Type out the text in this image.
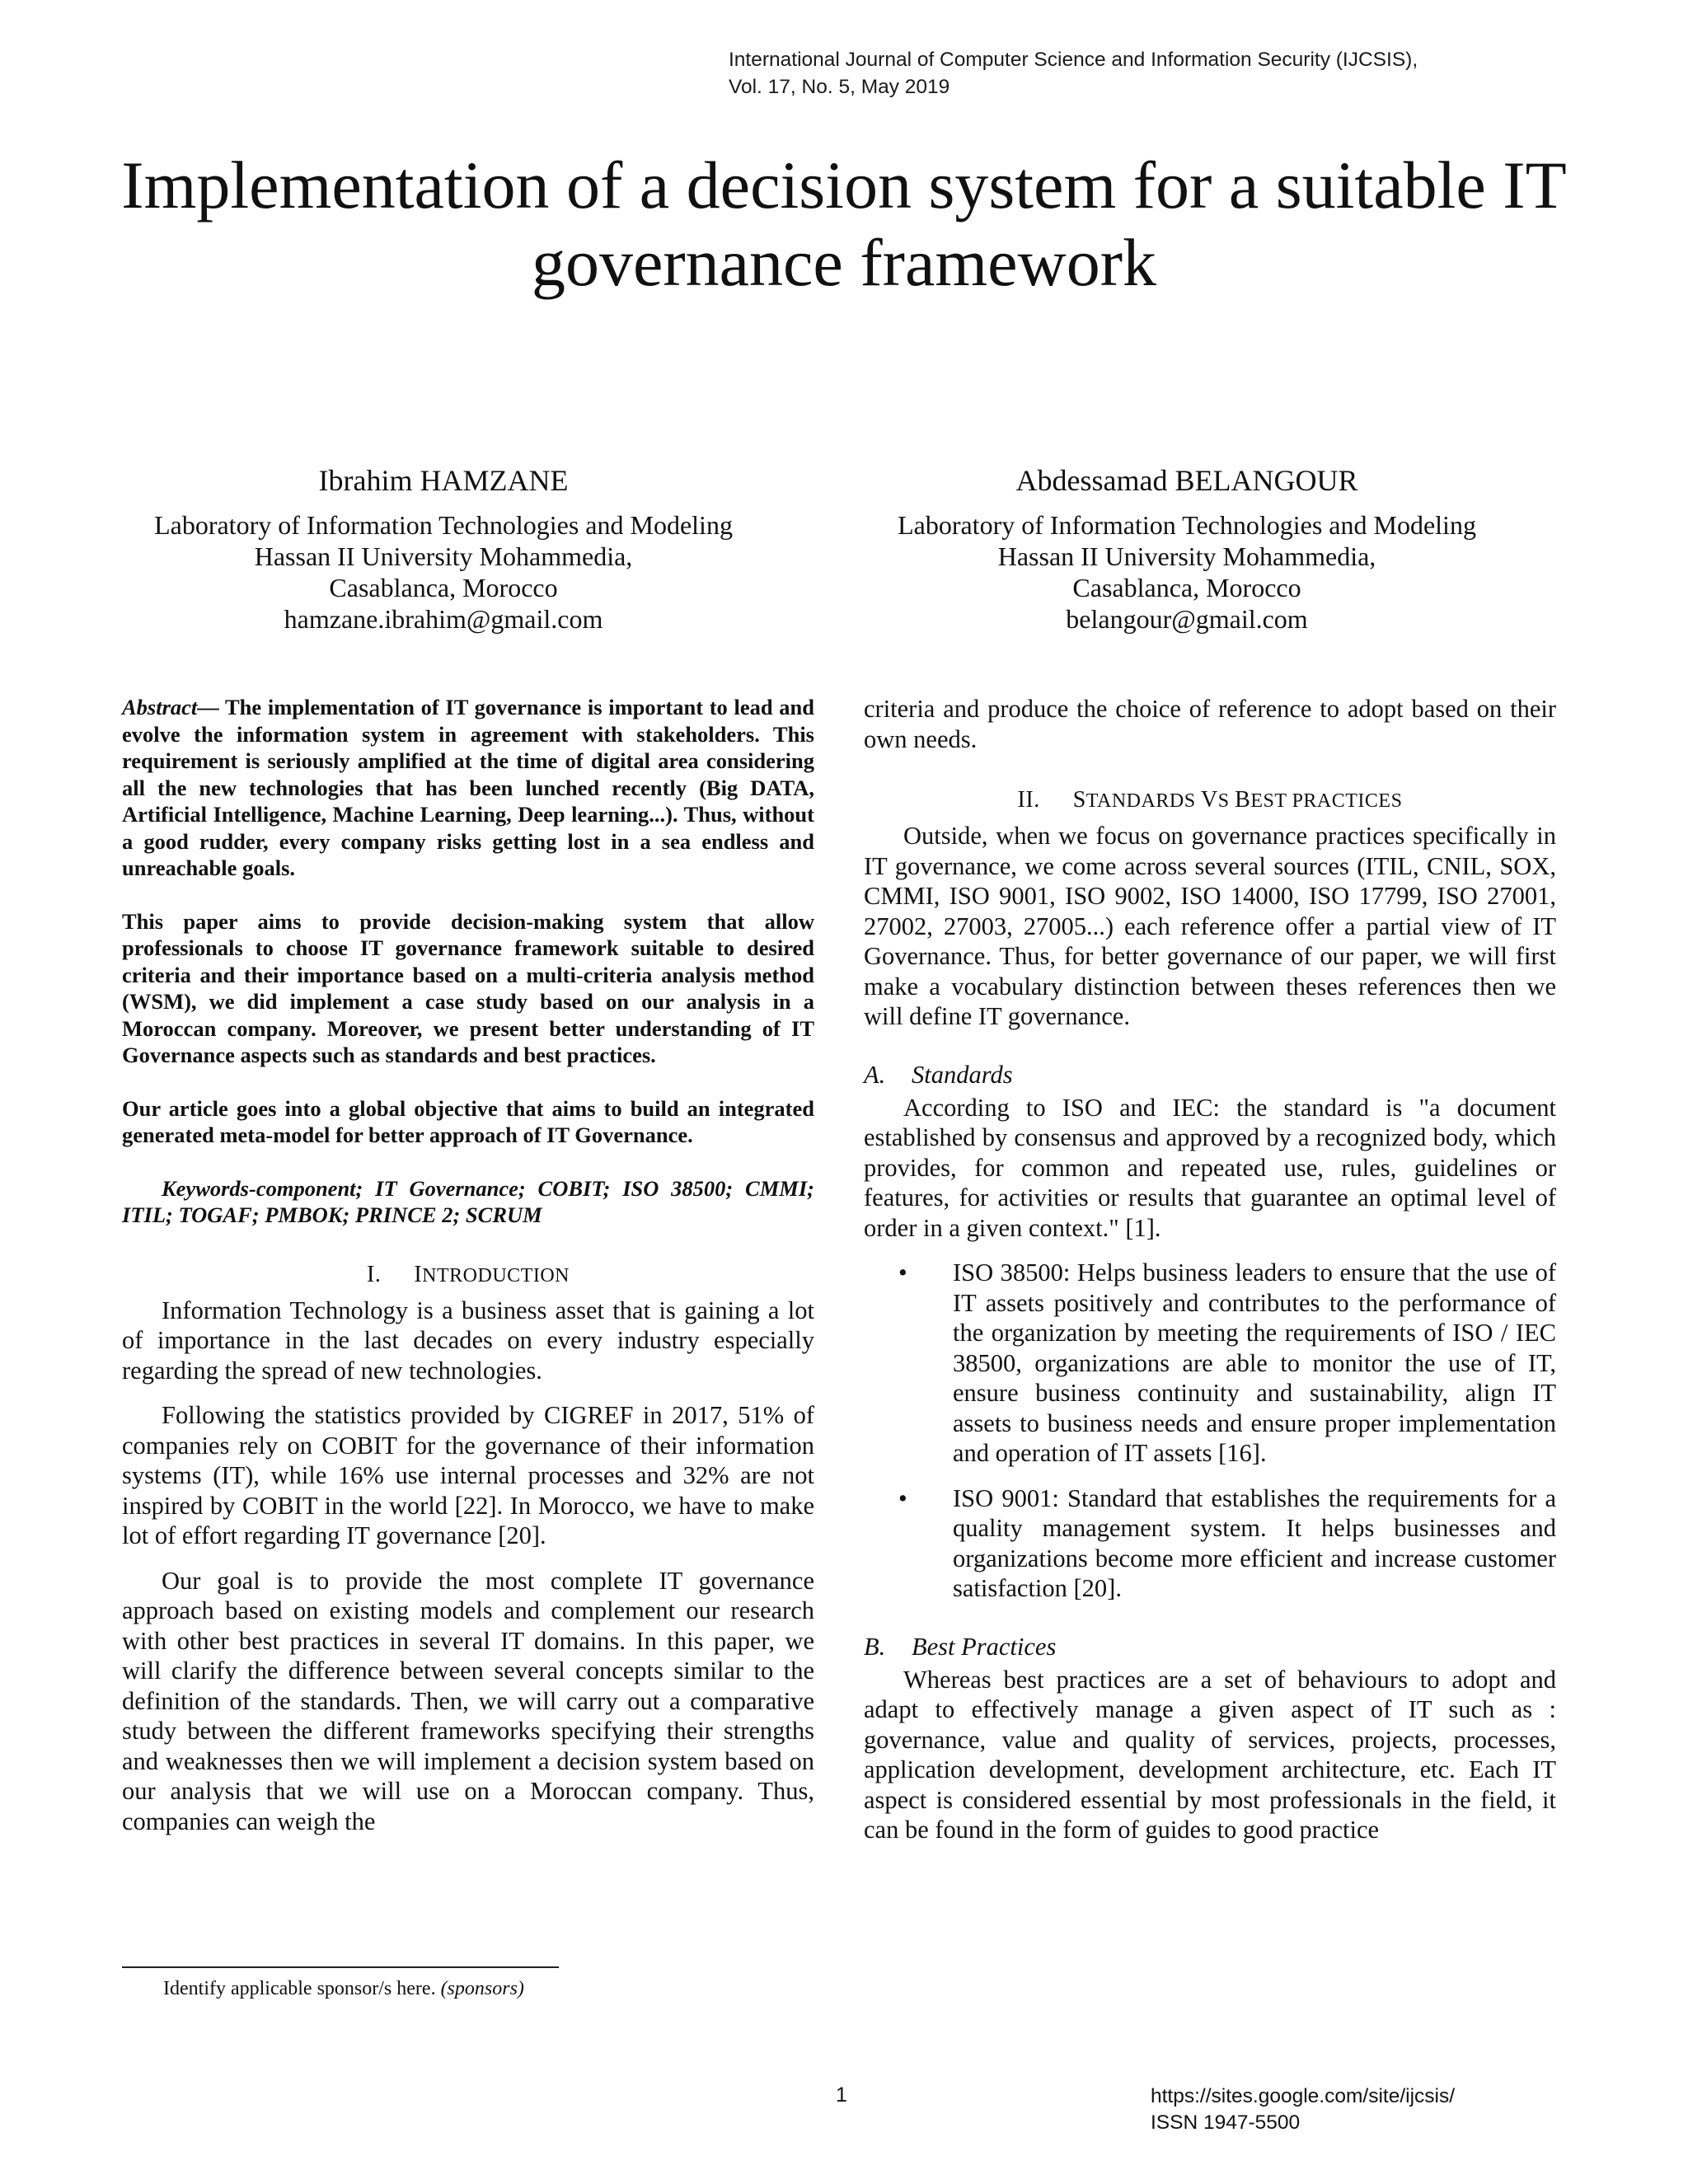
International Journal of Computer Science and Information Security (IJCSIS),
Vol. 17, No. 5, May 2019
Implementation of a decision system for a suitable IT
governance framework
Ibrahim HAMZANE
Laboratory of Information Technologies and Modeling
Hassan II University Mohammedia,
Casablanca, Morocco
hamzane.ibrahim@gmail.com
Abdessamad BELANGOUR
Laboratory of Information Technologies and Modeling
Hassan II University Mohammedia,
Casablanca, Morocco
belangour@gmail.com

Abstract— The implementation of IT governance is important to lead and evolve the information system in agreement with stakeholders. This requirement is seriously amplified at the time of digital area considering all the new technologies that has been lunched recently (Big DATA, Artificial Intelligence, Machine Learning, Deep learning...). Thus, without a good rudder, every company risks getting lost in a sea endless and unreachable goals.

This paper aims to provide decision-making system that allow professionals to choose IT governance framework suitable to desired criteria and their importance based on a multi-criteria analysis method (WSM), we did implement a case study based on our analysis in a Moroccan company. Moreover, we present better understanding of IT Governance aspects such as standards and best practices.

Our article goes into a global objective that aims to build an integrated generated meta-model for better approach of IT Governance.

Keywords-component; IT Governance; COBIT; ISO 38500; CMMI; ITIL; TOGAF; PMBOK; PRINCE 2; SCRUM

I. INTRODUCTION

Information Technology is a business asset that is gaining a lot of importance in the last decades on every industry especially regarding the spread of new technologies.

Following the statistics provided by CIGREF in 2017, 51% of companies rely on COBIT for the governance of their information systems (IT), while 16% use internal processes and 32% are not inspired by COBIT in the world [22]. In Morocco, we have to make lot of effort regarding IT governance [20].

Our goal is to provide the most complete IT governance approach based on existing models and complement our research with other best practices in several IT domains. In this paper, we will clarify the difference between several concepts similar to the definition of the standards. Then, we will carry out a comparative study between the different frameworks specifying their strengths and weaknesses then we will implement a decision system based on our analysis that we will use on a Moroccan company. Thus, companies can weigh the

criteria and produce the choice of reference to adopt based on their own needs.

II. STANDARDS VS BEST PRACTICES

Outside, when we focus on governance practices specifically in IT governance, we come across several sources (ITIL, CNIL, SOX, CMMI, ISO 9001, ISO 9002, ISO 14000, ISO 17799, ISO 27001, 27002, 27003, 27005...) each reference offer a partial view of IT Governance. Thus, for better governance of our paper, we will first make a vocabulary distinction between theses references then we will define IT governance.

A. Standards

According to ISO and IEC: the standard is "a document established by consensus and approved by a recognized body, which provides, for common and repeated use, rules, guidelines or features, for activities or results that guarantee an optimal level of order in a given context." [1].

• ISO 38500: Helps business leaders to ensure that the use of IT assets positively and contributes to the performance of the organization by meeting the requirements of ISO / IEC 38500, organizations are able to monitor the use of IT, ensure business continuity and sustainability, align IT assets to business needs and ensure proper implementation and operation of IT assets [16].
• ISO 9001: Standard that establishes the requirements for a quality management system. It helps businesses and organizations become more efficient and increase customer satisfaction [20].
B. Best Practices

Whereas best practices are a set of behaviours to adopt and adapt to effectively manage a given aspect of IT such as : governance, value and quality of services, projects, processes, application development, development architecture, etc. Each IT aspect is considered essential by most professionals in the field, it can be found in the form of guides to good practice

Identify applicable sponsor/s here. (sponsors)
1	https://sites.google.com/site/ijcsis/
ISSN 1947-5500
